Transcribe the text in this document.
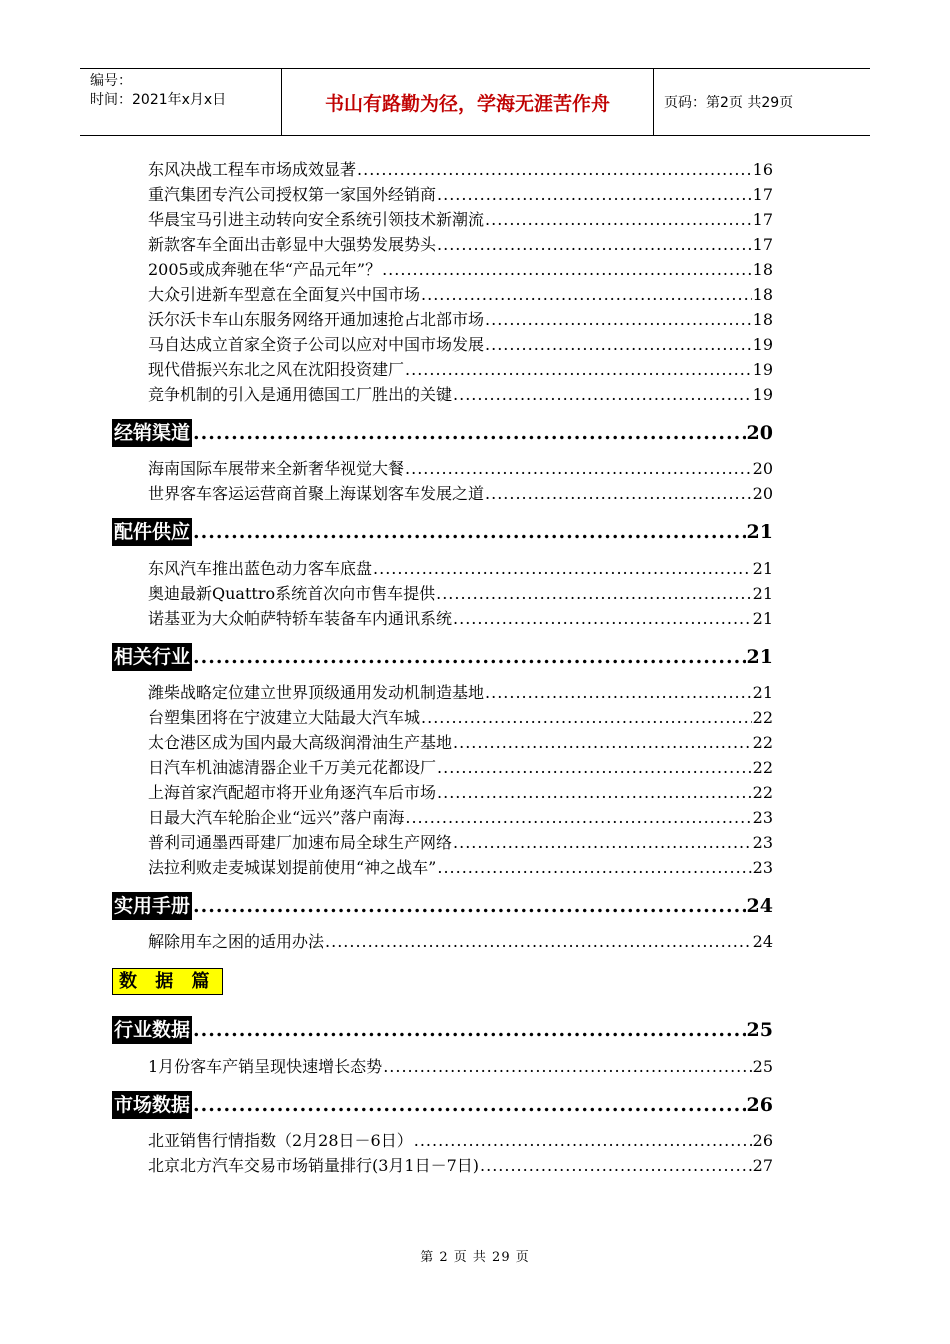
编号：
时间：2021年x月x日	书山有路勤为径，学海无涯苦作舟	页码：第2页 共29页
东风决战工程车市场成效显著 .....	16
重汽集团专汽公司授权第一家国外经销商 .....	17
华晨宝马引进主动转向安全系统引领技术新潮流 .....	17
新款客车全面出击彰显中大强势发展势头 .....	17
2005或成奔驰在华“产品元年”？ .....	18
大众引进新车型意在全面复兴中国市场 .....	18
沃尔沃卡车山东服务网络开通加速抢占北部市场 .....	18
马自达成立首家全资子公司以应对中国市场发展 .....	19
现代借振兴东北之风在沈阳投资建厂 .....	19
竞争机制的引入是通用德国工厂胜出的关键 .....	19
经销渠道 .....	20
海南国际车展带来全新奢华视觉大餐 .....	20
世界客车客运运营商首聚上海谋划客车发展之道 .....	20
配件供应 .....	21
东风汽车推出蓝色动力客车底盘 .....	21
奥迪最新Quattro系统首次向市售车提供 .....	21
诺基亚为大众帕萨特轿车装备车内通讯系统 .....	21
相关行业 .....	21
潍柴战略定位建立世界顶级通用发动机制造基地 .....	21
台塑集团将在宁波建立大陆最大汽车城 .....	22
太仓港区成为国内最大高级润滑油生产基地 .....	22
日汽车机油滤清器企业千万美元花都设厂 .....	22
上海首家汽配超市将开业角逐汽车后市场 .....	22
日最大汽车轮胎企业“远兴”落户南海 .....	23
普利司通墨西哥建厂加速布局全球生产网络 .....	23
法拉利败走麦城谋划提前使用“神之战车” .....	23
实用手册 .....	24
解除用车之困的适用办法 .....	24
行业数据 .....	25
1月份客车产销呈现快速增长态势 .....	25
市场数据 .....	26
北亚销售行情指数（2月28日－6日） .....	26
北京北方汽车交易市场销量排行(3月1日－7日) .....	27
数 据 篇
第 2 页 共 29 页
